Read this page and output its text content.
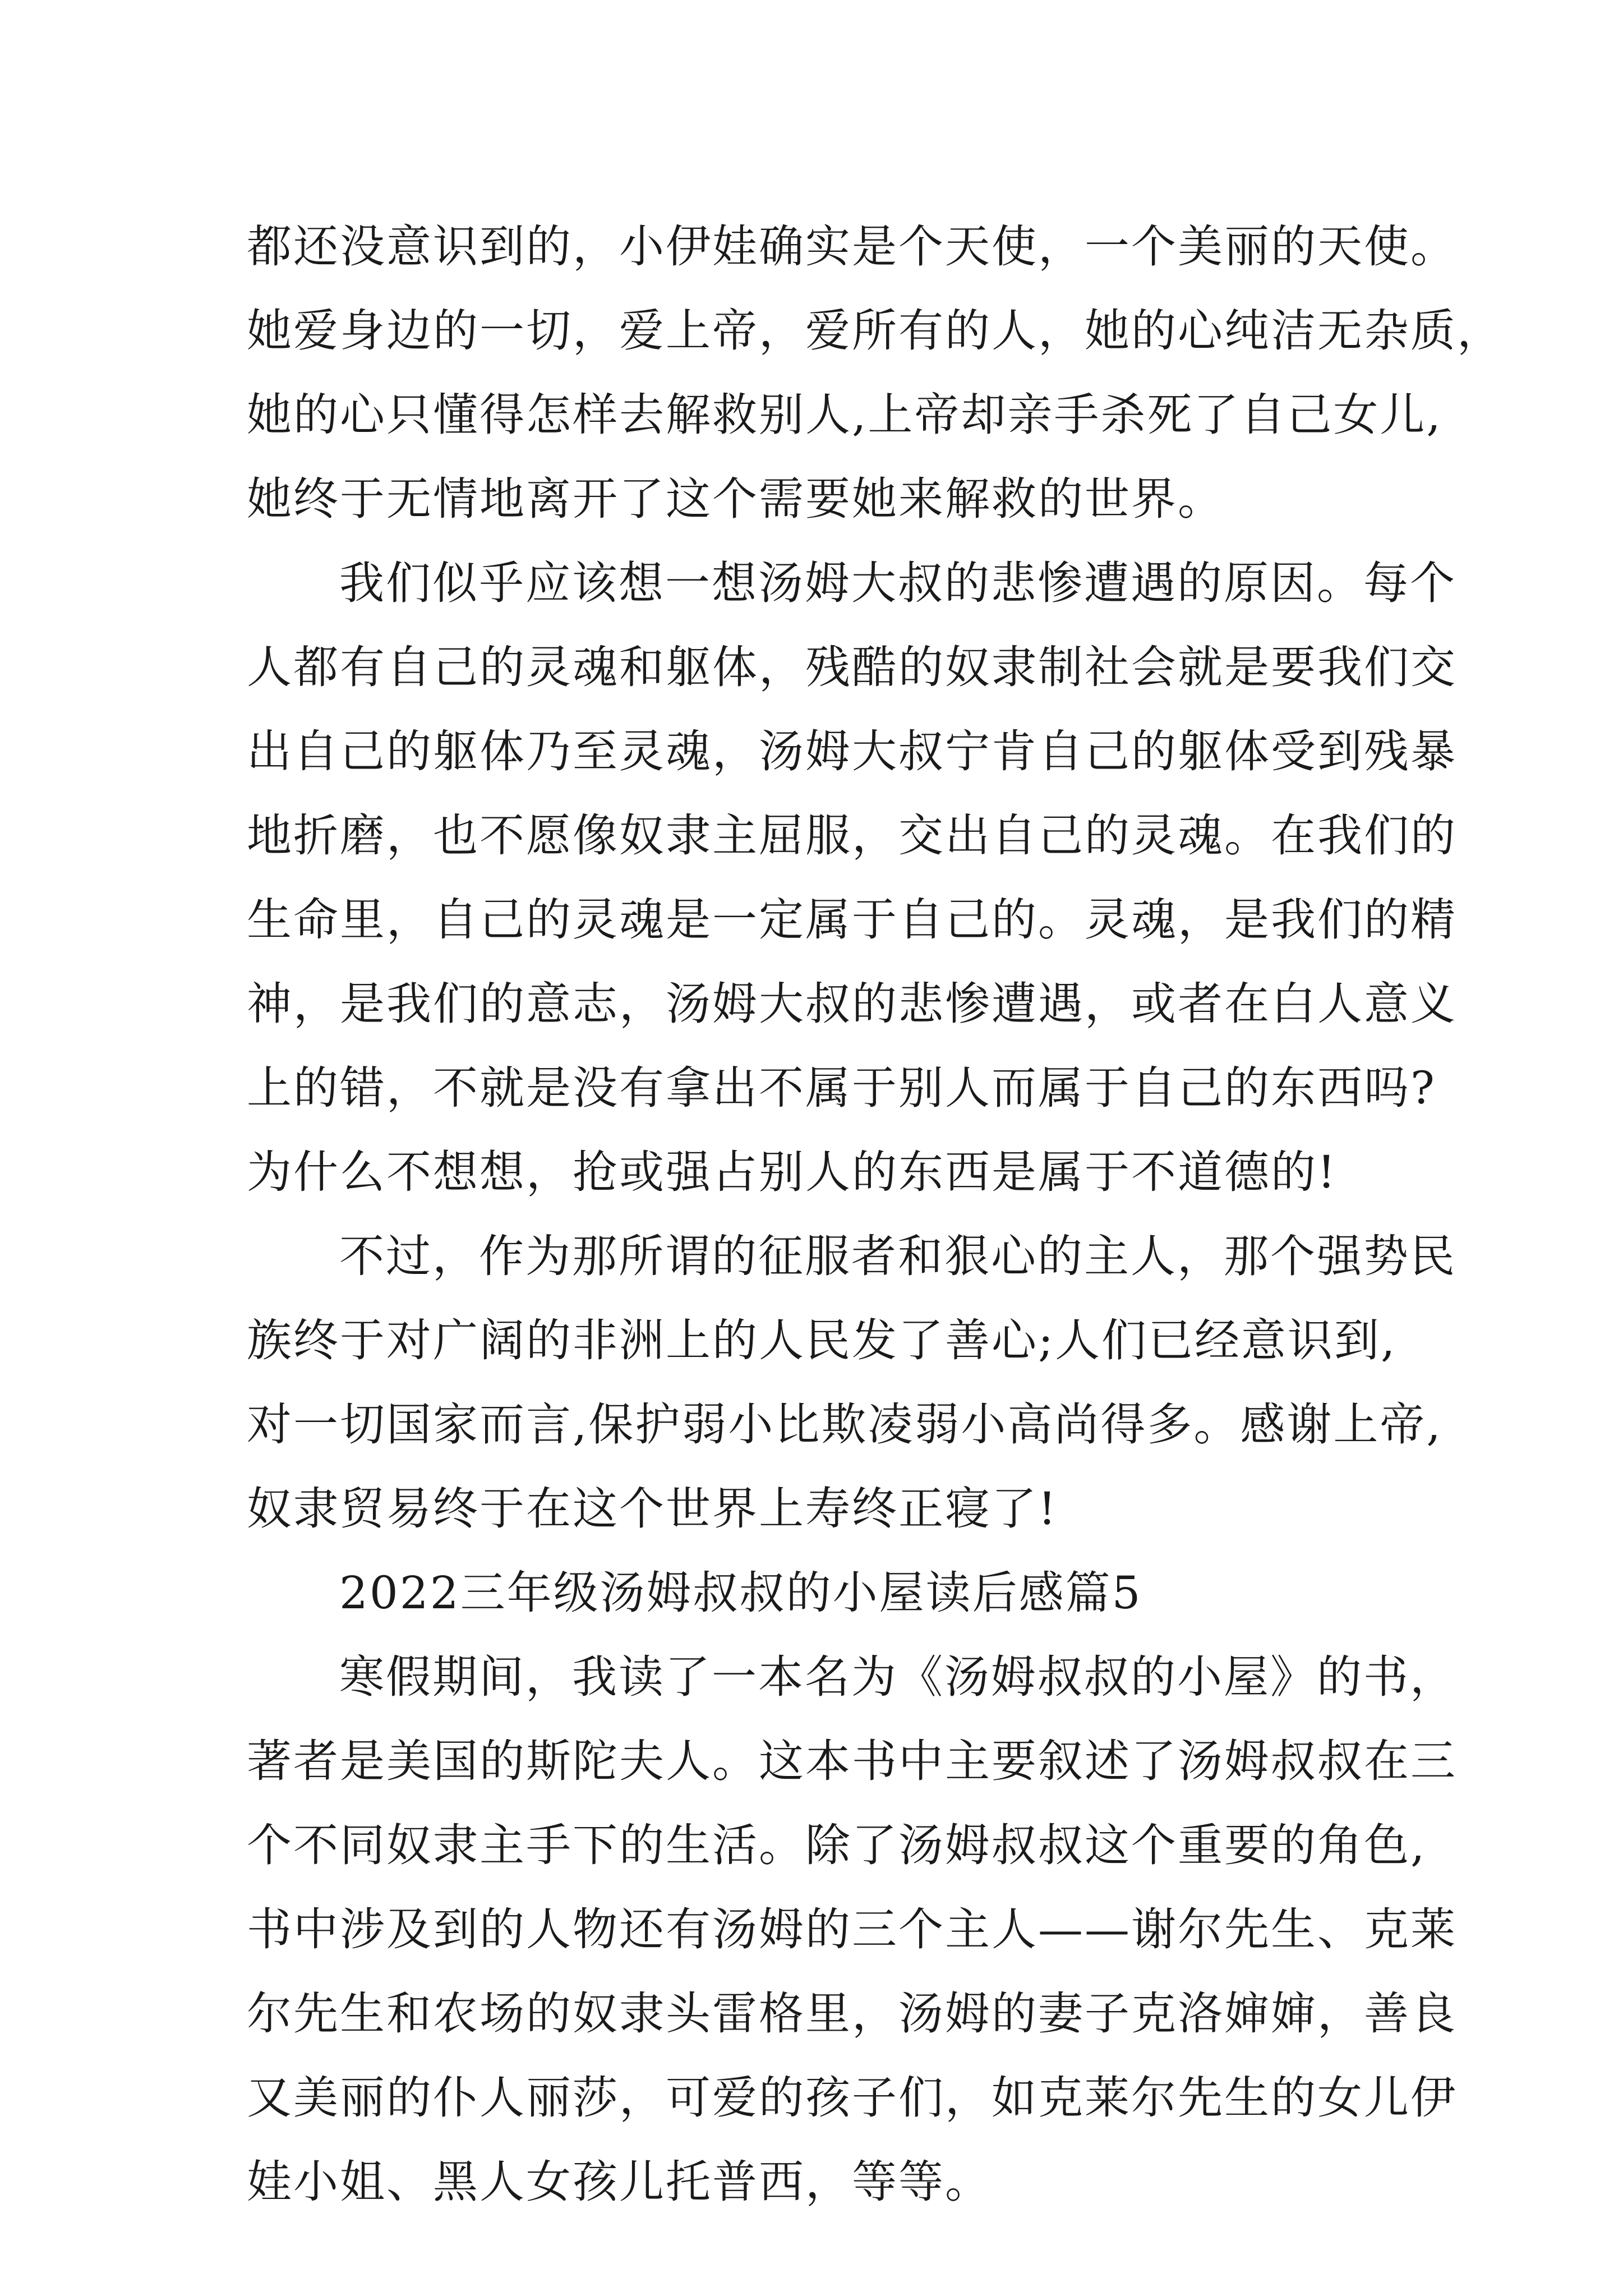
都还没意识到的，小伊娃确实是个天使，一个美丽的天使。

她爱身边的一切，爱上帝，爱所有的人，她的心纯洁无杂质，

她的心只懂得怎样去解救别人,上帝却亲手杀死了自己女儿,

她终于无情地离开了这个需要她来解救的世界。

我们似乎应该想一想汤姆大叔的悲惨遭遇的原因。每个

人都有自己的灵魂和躯体，残酷的奴隶制社会就是要我们交

出自己的躯体乃至灵魂，汤姆大叔宁肯自己的躯体受到残暴

地折磨，也不愿像奴隶主屈服，交出自己的灵魂。在我们的

生命里，自己的灵魂是一定属于自己的。灵魂，是我们的精

神，是我们的意志，汤姆大叔的悲惨遭遇，或者在白人意义

上的错，不就是没有拿出不属于别人而属于自己的东西吗?

为什么不想想，抢或强占别人的东西是属于不道德的!

不过，作为那所谓的征服者和狠心的主人，那个强势民

族终于对广阔的非洲上的人民发了善心;人们已经意识到,

对一切国家而言,保护弱小比欺凌弱小高尚得多。感谢上帝,

奴隶贸易终于在这个世界上寿终正寝了!

2022三年级汤姆叔叔的小屋读后感篇5

寒假期间，我读了一本名为《汤姆叔叔的小屋》的书，

著者是美国的斯陀夫人。这本书中主要叙述了汤姆叔叔在三

个不同奴隶主手下的生活。除了汤姆叔叔这个重要的角色,

书中涉及到的人物还有汤姆的三个主人——谢尔先生、克莱

尔先生和农场的奴隶头雷格里，汤姆的妻子克洛婶婶，善良

又美丽的仆人丽莎，可爱的孩子们，如克莱尔先生的女儿伊

娃小姐、黑人女孩儿托普西，等等。
